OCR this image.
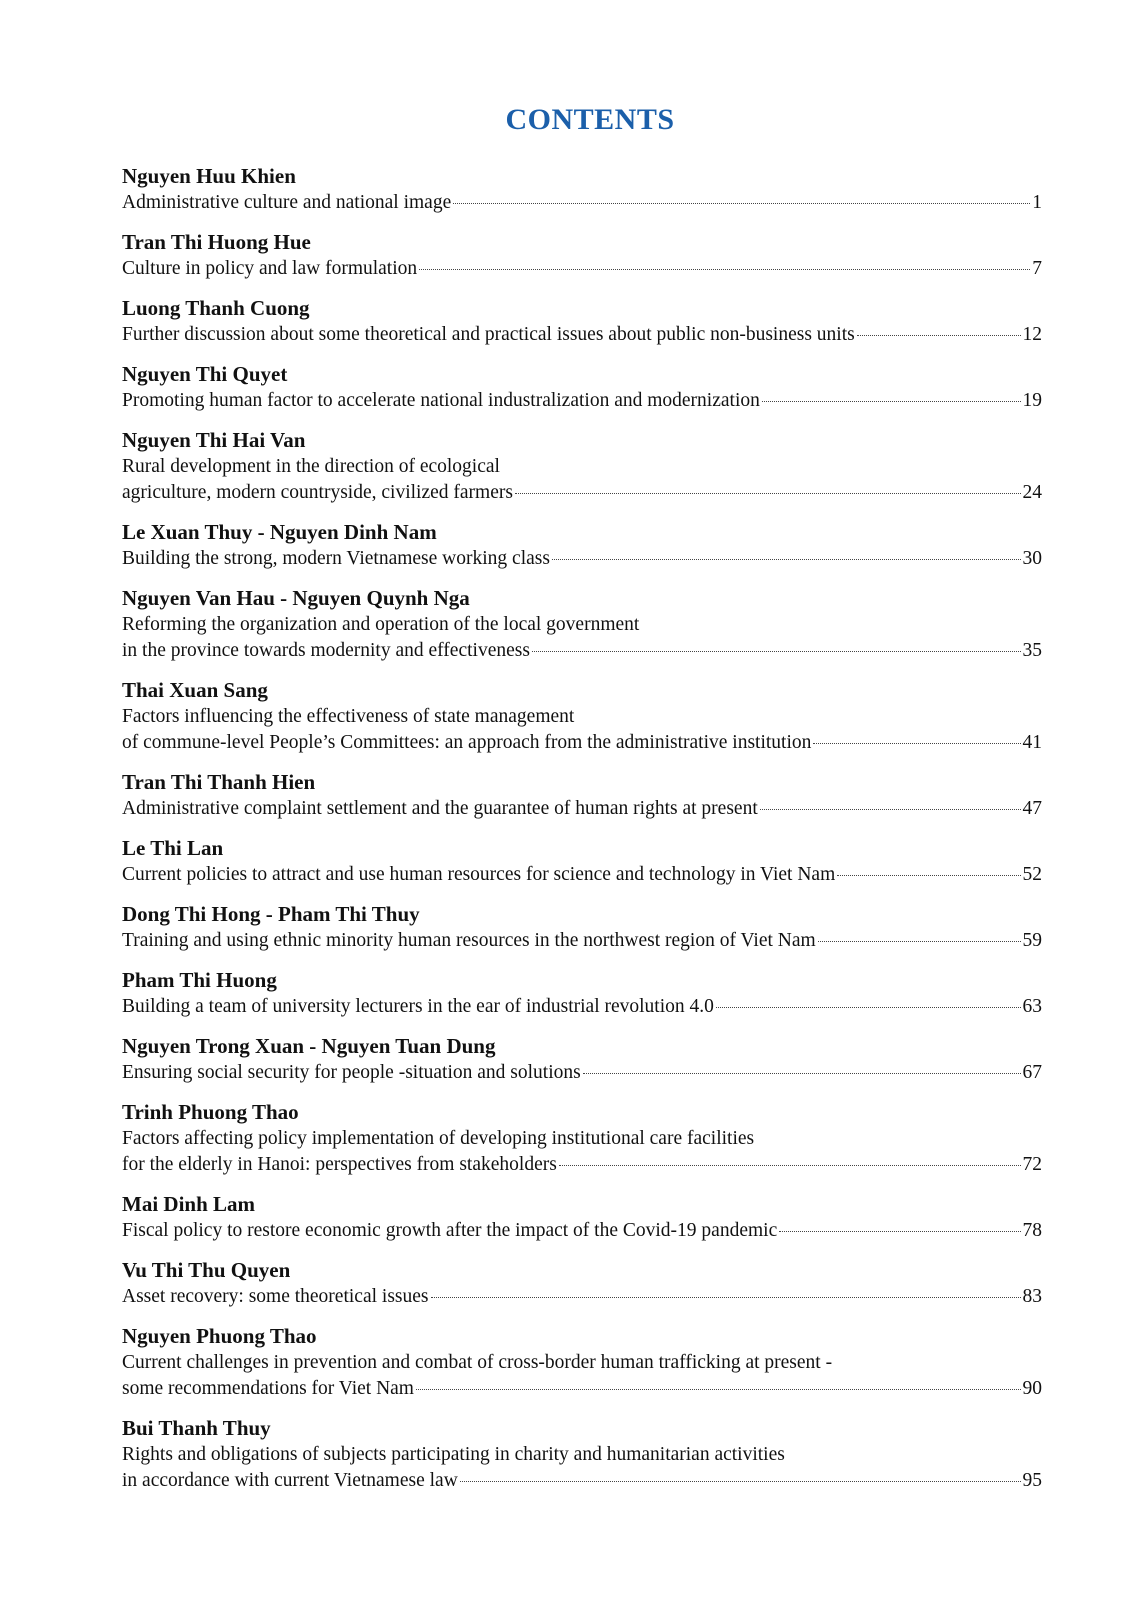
CONTENTS
Nguyen Huu Khien
Administrative culture and national image	1
Tran Thi Huong Hue
Culture in policy and law formulation	7
Luong Thanh Cuong
Further discussion about some theoretical and practical issues about public non-business units	12
Nguyen Thi Quyet
Promoting human factor to accelerate national industralization and modernization	19
Nguyen Thi Hai Van
Rural development in the direction of ecological
agriculture, modern countryside, civilized farmers	24
Le Xuan Thuy - Nguyen Dinh Nam
Building the strong, modern Vietnamese working class	30
Nguyen Van Hau - Nguyen Quynh Nga
Reforming the organization and operation of the local government
in the province towards modernity and effectiveness	35
Thai Xuan Sang
Factors influencing the effectiveness of state management
of commune-level People’s Committees: an approach from the administrative institution	41
Tran Thi Thanh Hien
Administrative complaint settlement and the guarantee of human rights at present	47
Le Thi Lan
Current policies to attract and use human resources for science and technology in Viet Nam	52
Dong Thi Hong - Pham Thi Thuy
Training and using ethnic minority human resources in the northwest region of Viet Nam	59
Pham Thi Huong
Building a team of university lecturers in the ear of industrial revolution 4.0	63
Nguyen Trong Xuan - Nguyen Tuan Dung
Ensuring social security for people -situation and solutions	67
Trinh Phuong Thao
Factors affecting policy implementation of developing institutional care facilities
for the elderly in Hanoi: perspectives from stakeholders	72
Mai Dinh Lam
Fiscal policy to restore economic growth after the impact of the Covid-19 pandemic	78
Vu Thi Thu Quyen
Asset recovery: some theoretical issues	83
Nguyen Phuong Thao
Current challenges in prevention and combat of cross-border human trafficking at present -
some recommendations for Viet Nam	90
Bui Thanh Thuy
Rights and obligations of subjects participating in charity and humanitarian activities
in accordance with current Vietnamese law	95
